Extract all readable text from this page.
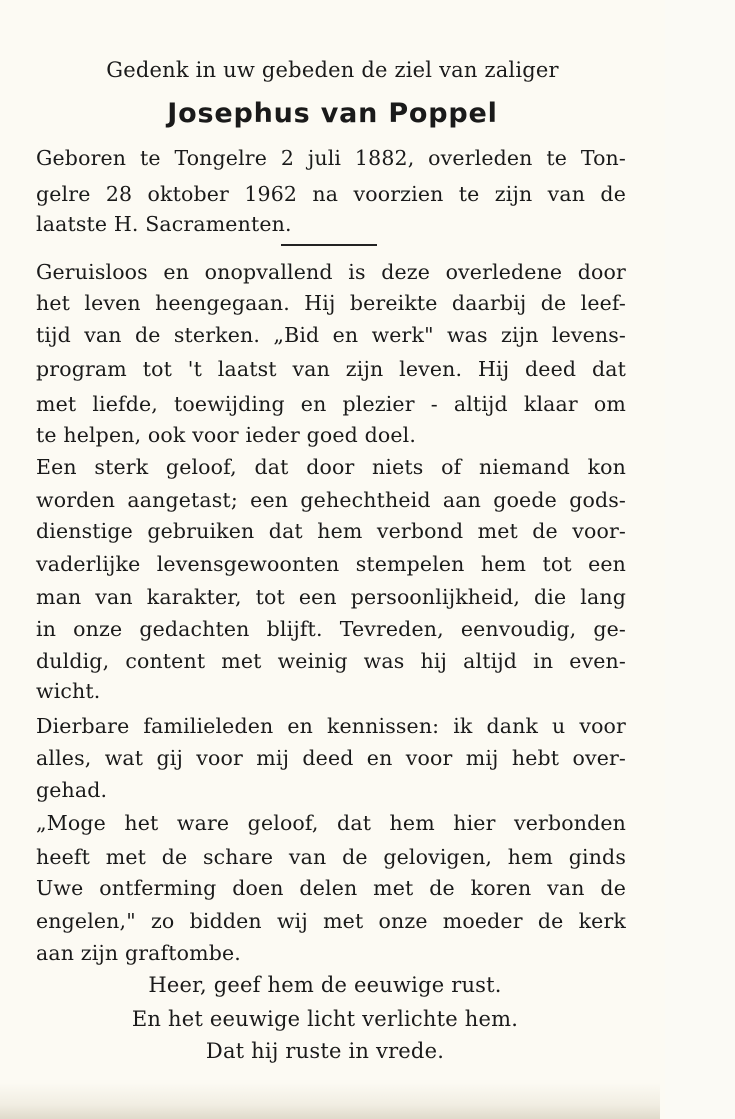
Gedenk in uw gebeden de ziel van zaliger
Josephus van Poppel
Geboren te Tongelre 2 juli 1882, overleden te Ton-
gelre 28 oktober 1962 na voorzien te zijn van de
laatste H. Sacramenten.
Geruisloos en onopvallend is deze overledene door
het leven heengegaan. Hij bereikte daarbij de leef-
tijd van de sterken. „Bid en werk" was zijn levens-
program tot 't laatst van zijn leven. Hij deed dat
met liefde, toewijding en plezier - altijd klaar om
te helpen, ook voor ieder goed doel.
Een sterk geloof, dat door niets of niemand kon
worden aangetast; een gehechtheid aan goede gods-
dienstige gebruiken dat hem verbond met de voor-
vaderlijke levensgewoonten stempelen hem tot een
man van karakter, tot een persoonlijkheid, die lang
in onze gedachten blijft. Tevreden, eenvoudig, ge-
duldig, content met weinig was hij altijd in even-
wicht.
Dierbare familieleden en kennissen: ik dank u voor
alles, wat gij voor mij deed en voor mij hebt over-
gehad.
„Moge het ware geloof, dat hem hier verbonden
heeft met de schare van de gelovigen, hem ginds
Uwe ontferming doen delen met de koren van de
engelen," zo bidden wij met onze moeder de kerk
aan zijn graftombe.
Heer, geef hem de eeuwige rust.
En het eeuwige licht verlichte hem.
Dat hij ruste in vrede.
